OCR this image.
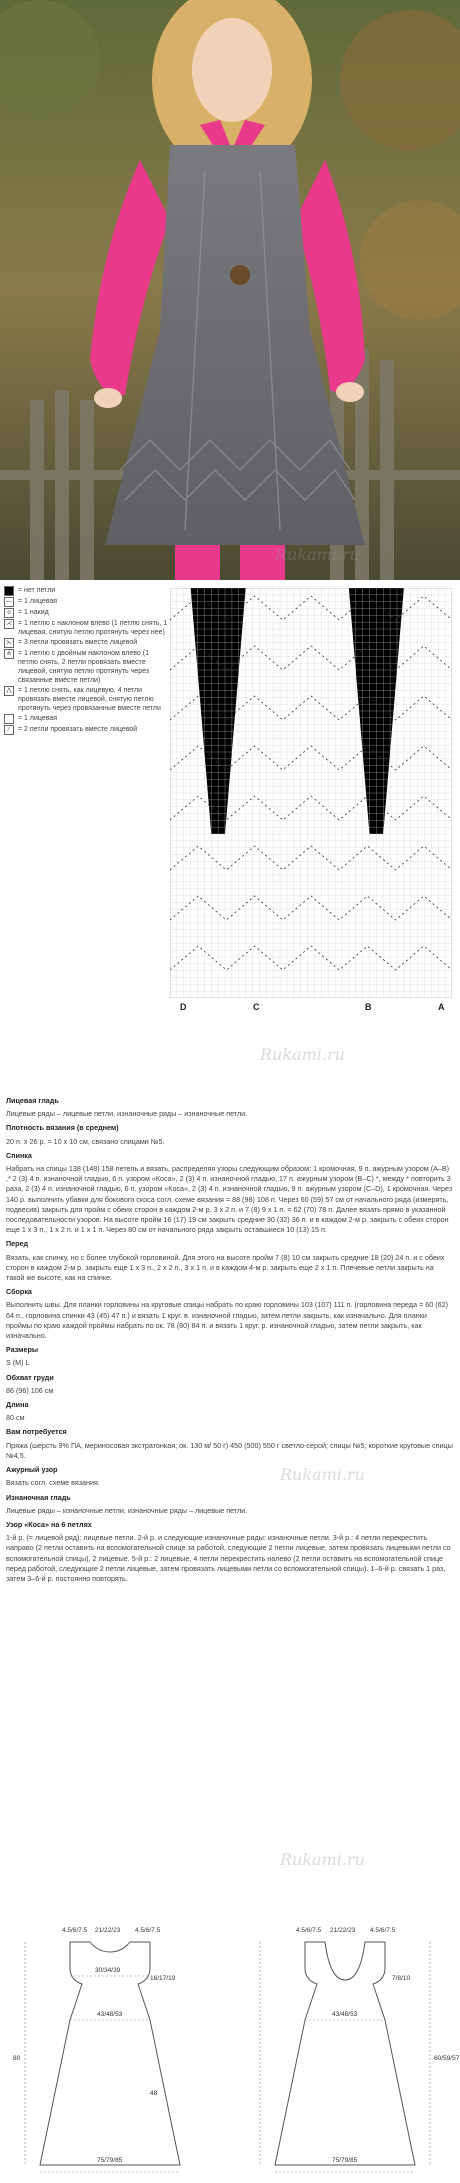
Rukami.ru
= нет петли
— = 1 лицевая
o	= 1 накид
⋌ = 1 петлю с наклоном влево (1 петлю снять, 1 лицевая, снятую петлю протянуть через нее)
⋋ = 3 петли провязать вместе лицевой
⋔ = 1 петлю с двойным наклоном влево (1 петлю снять, 2 петли провязать вместе лицевой, снятую петлю протянуть через связанные вместе петли)
⋀ = 1 петлю снять, как лицевую, 4 петли провязать вместе лицевой, снятую петлю протянуть через провязанные вместе петли
= 1 лицевая
∕	= 2 петли провязать вместе лицевой
D	C	B	A
Rukami.ru

Лицевая гладь

Лицевые ряды – лицевые петли, изнаночные ряды – изнаночные петли.

Плотность вязания (в среднем)

20 п. x 26 р. = 10 x 10 см, связано спицами №5.

Спинка

Набрать на спицы 138 (148) 158 петель и вязать, распределяя узоры следующим образом: 1 кромочная, 9 п. ажурным узором (A–B) ,* 2 (3) 4 п. изнаночной гладью, 6 п. узором «Коса», 2 (3) 4 п. изнаночной гладью, 17 п. ажурным узором (B–C) *, между * повторить 3 раза, 2 (3) 4 п. изнаночной гладью, 6 п. узором «Коса», 2 (3) 4 п. изнаночной гладью, 9 п. ажурным узором (C–D), 1 кромочная. Через 140 р. выполнить убавки для бокового скоса согл. схеме вязания = 88 (98) 108 п. Через 60 (59) 57 см от начального ряда (измерять, подвесив) закрыть для пройм с обеих сторон в каждом 2-м р. 3 x 2 п. и 7 (8) 9 x 1 п. = 62 (70) 78 п. Далее вязать прямо в указанной последовательности узоров. На высоте пройм 16 (17) 19 см закрыть средние 30 (32) 36 п. и в каждом 2-м р. закрыть с обеих сторон еще 1 x 3 п., 1 x 2 п. и 1 x 1 п. Через 80 см от начального ряда закрыть оставшиеся 10 (13) 15 п.

Перед

Вязать, как спинку, но с более глубокой горловиной. Для этого на высоте пройм 7 (8) 10 см закрыть средние 18 (20) 24 п. и с обеих сторон в каждом 2-м р. закрыть еще 1 x 3 п., 2 x 2 п., 3 x 1 п. и в каждом 4-м р. закрыть еще 2 x 1 п. Плечевые петли закрыть на такой же высоте, как на спинке.

Сборка

Выполнить швы. Для планки горловины на круговые спицы набрать по краю горловины 103 (107) 111 п. (горловина переда = 60 (62) 64 п., горловина спинки 43 (45) 47 п.) и вязать 1 круг. в. изнаночной гладью, затем петли закрыть, как изначально. Для планки проймы по краю каждой проймы набрать по ок. 78 (80) 84 п. и вязать 1 круг. р. изнаночной гладью, затем петли закрыть, как изначально.

Размеры

S (M) L

Обхват груди

86 (96) 106 см

Длина

80 см

Вам потребуется

Пряжа (шерсть 9% ПА, мериносовая экстратонкая; ок. 130 м/ 50 г) 450 (500) 550 г светло-серой; спицы №5; короткие круговые спицы №4,5.

Ажурный узор

Вязать согл. схеме вязания.

Изнаночная гладь

Лицевые ряды – изнаночные петли, изнаночные ряды – лицевые петли.

Узор «Коса» на 6 петлях

1-й р. (= лицевой ряд): лицевые петли. 2-й р. и следующие изнаночные ряды: изнаночные петли. 3-й р.: 4 петли перекрестить направо (2 петли оставить на вспомогательной спице за работой, следующие 2 петли лицевые, затем провязать лицевыми петли со вспомогательной спицы), 2 лицевые. 5-й р.: 2 лицевые, 4 петли перекрестить налево (2 петли оставить на вспомогательной спице перед работой, следующие 2 петли лицевые, затем провязать лицевыми петли со вспомогательной спицы). 1–6-й р. связать 1 раз, затем 3–6-й р. постоянно повторять.

Rukami.ru
Rukami.ru
4.5/6/7.5 21/22/23 4.5/6/7.5
30/34/39
43/48/53
75/79/85
80
16/17/19
48
4.5/6/7.5 21/22/23 4.5/6/7.5
43/48/53
75/79/85
7/8/10
60/59/57
